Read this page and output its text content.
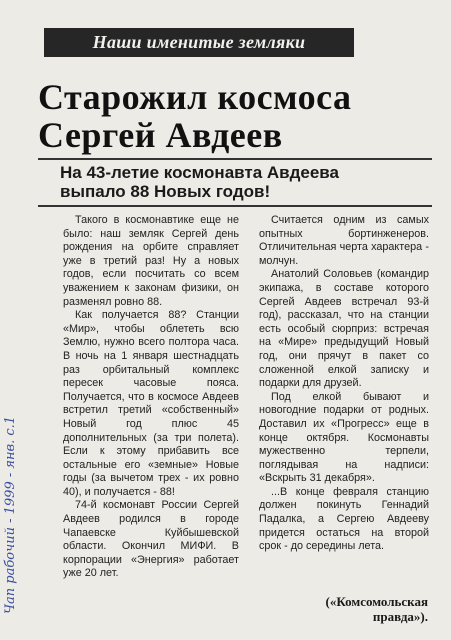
Наши именитые земляки
Старожил космоса
Сергей Авдеев
На 43-летие космонавта Авдеева
выпало 88 Новых годов!

Такого в космонавтике еще не было: наш земляк Сергей день рождения на орбите справляет уже в третий раз! Ну а новых годов, если посчитать со всем уважением к законам физики, он разменял ровно 88.

Как получается 88? Станции «Мир», чтобы облететь всю Землю, нужно всего полтора часа. В ночь на 1 января шестнадцать раз орбитальный комплекс пересек часовые пояса. Получается, что в космосе Авдеев встретил третий «собственный» Новый год плюс 45 дополнительных (за три полета). Если к этому прибавить все остальные его «земные» Новые годы (за вычетом трех - их ровно 40), и получается - 88!

74-й космонавт России Сергей Авдеев родился в городе Чапаевске Куйбышевской области. Окончил МИФИ. В корпорации «Энергия» работает уже 20 лет.

Считается одним из самых опытных бортинженеров. Отличительная черта характера - молчун.

Анатолий Соловьев (командир экипажа, в составе которого Сергей Авдеев встречал 93-й год), рассказал, что на станции есть особый сюрприз: встречая на «Мире» предыдущий Новый год, они прячут в пакет со сложенной елкой записку и подарки для друзей.

Под елкой бывают и новогодние подарки от родных. Доставил их «Прогресс» еще в конце октября. Космонавты мужественно терпели, поглядывая на надписи: «Вскрыть 31 декабря».

...В конце февраля станцию должен покинуть Геннадий Падалка, а Сергею Авдееву придется остаться на второй срок - до середины лета.

(«Комсомольская правда»).
Чап рабочий - 1999 - янв. с.1
